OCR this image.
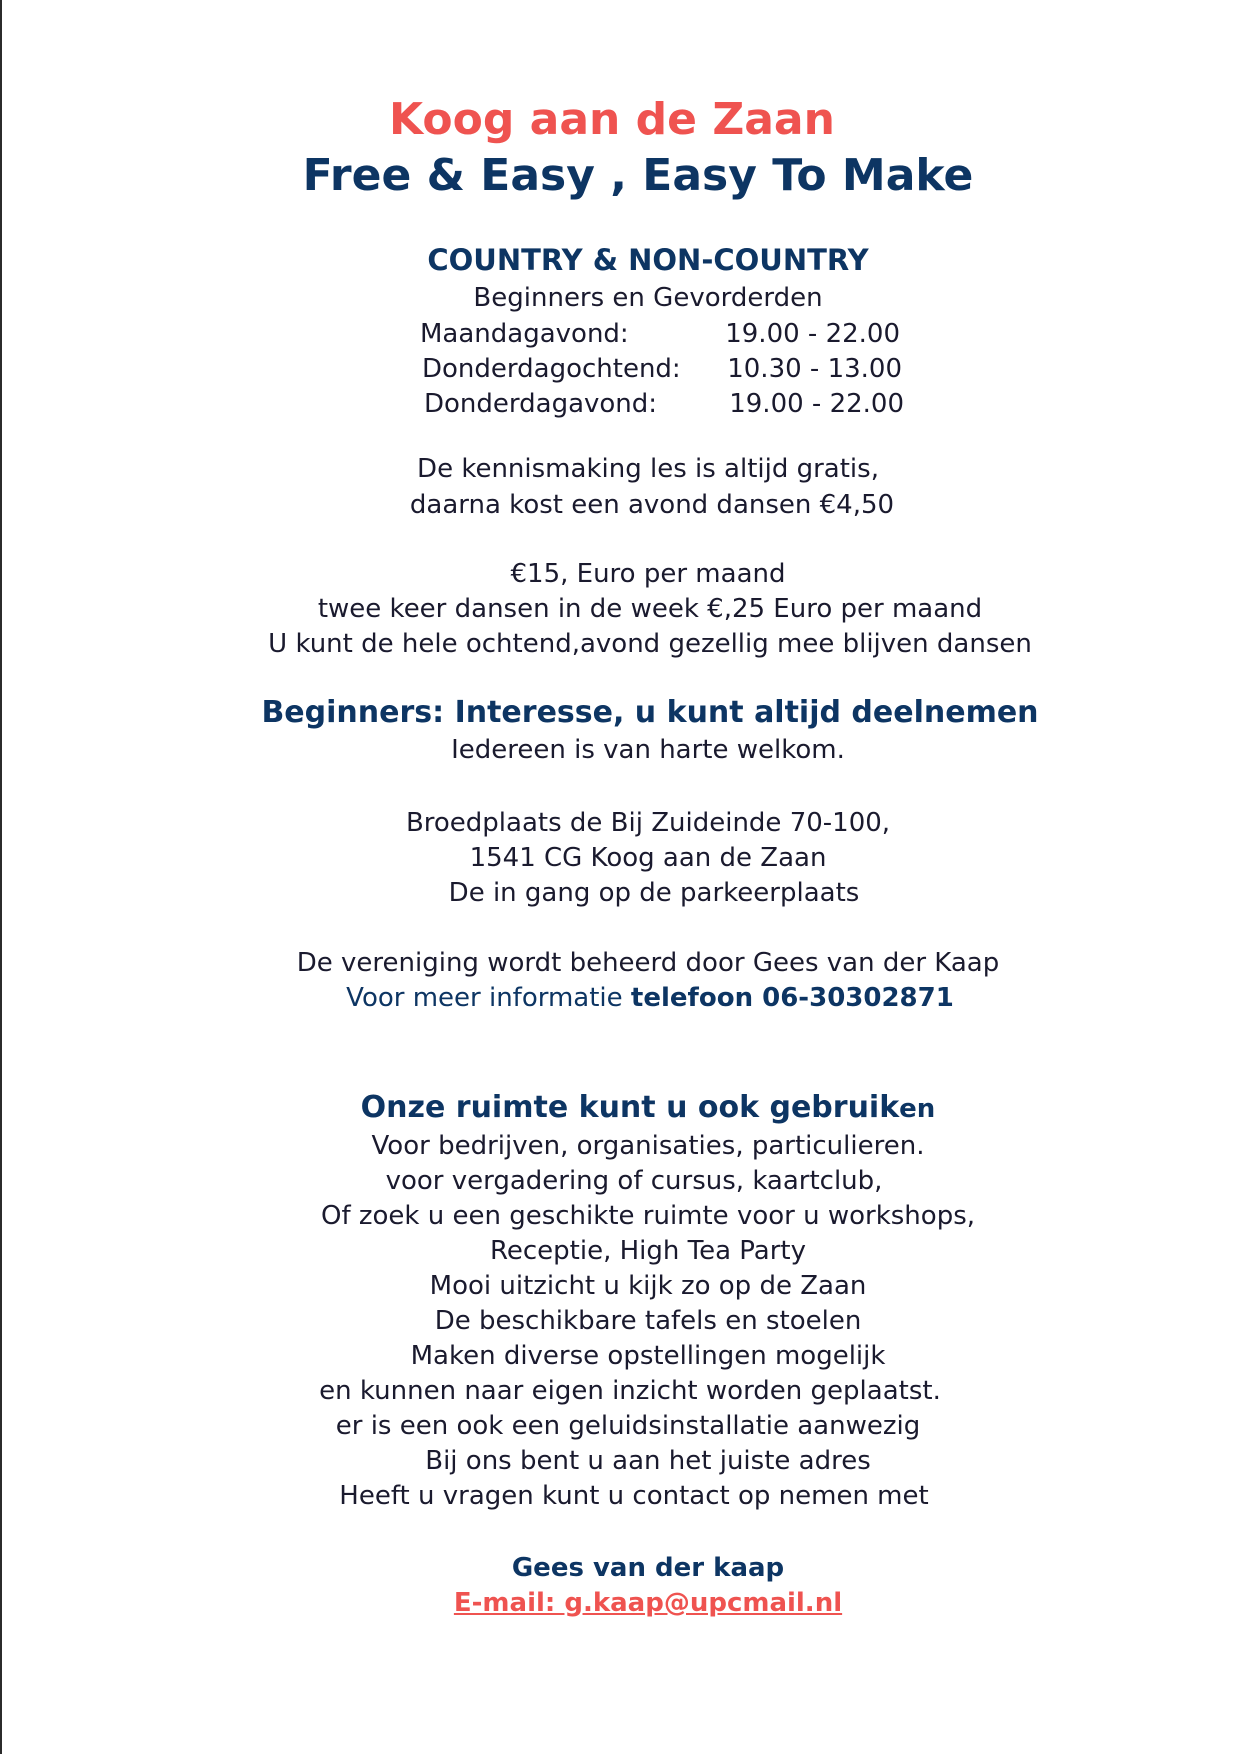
Koog aan de Zaan
Free & Easy , Easy To Make
COUNTRY & NON-COUNTRY
Beginners en Gevorderden
Maandagavond:	19.00 - 22.00
Donderdagochtend: 10.30 - 13.00
Donderdagavond:	19.00 - 22.00
De kennismaking les is altijd gratis,
daarna kost een avond dansen €4,50
€15, Euro per maand
twee keer dansen in de week €,25 Euro per maand
U kunt de hele ochtend,avond gezellig mee blijven dansen
Beginners: Interesse, u kunt altijd deelnemen
Iedereen is van harte welkom.
Broedplaats de Bij Zuideinde 70-100,
1541 CG Koog aan de Zaan
De in gang op de parkeerplaats
De vereniging wordt beheerd door Gees van der Kaap
Voor meer informatie telefoon 06-30302871
Onze ruimte kunt u ook gebruiken
Voor bedrijven, organisaties, particulieren.
voor vergadering of cursus, kaartclub,
Of zoek u een geschikte ruimte voor u workshops,
Receptie, High Tea Party
Mooi uitzicht u kijk zo op de Zaan
De beschikbare tafels en stoelen
Maken diverse opstellingen mogelijk
en kunnen naar eigen inzicht worden geplaatst.
er is een ook een geluidsinstallatie aanwezig
Bij ons bent u aan het juiste adres
Heeft u vragen kunt u contact op nemen met
Gees van der kaap
E-mail: g.kaap@upcmail.nl
